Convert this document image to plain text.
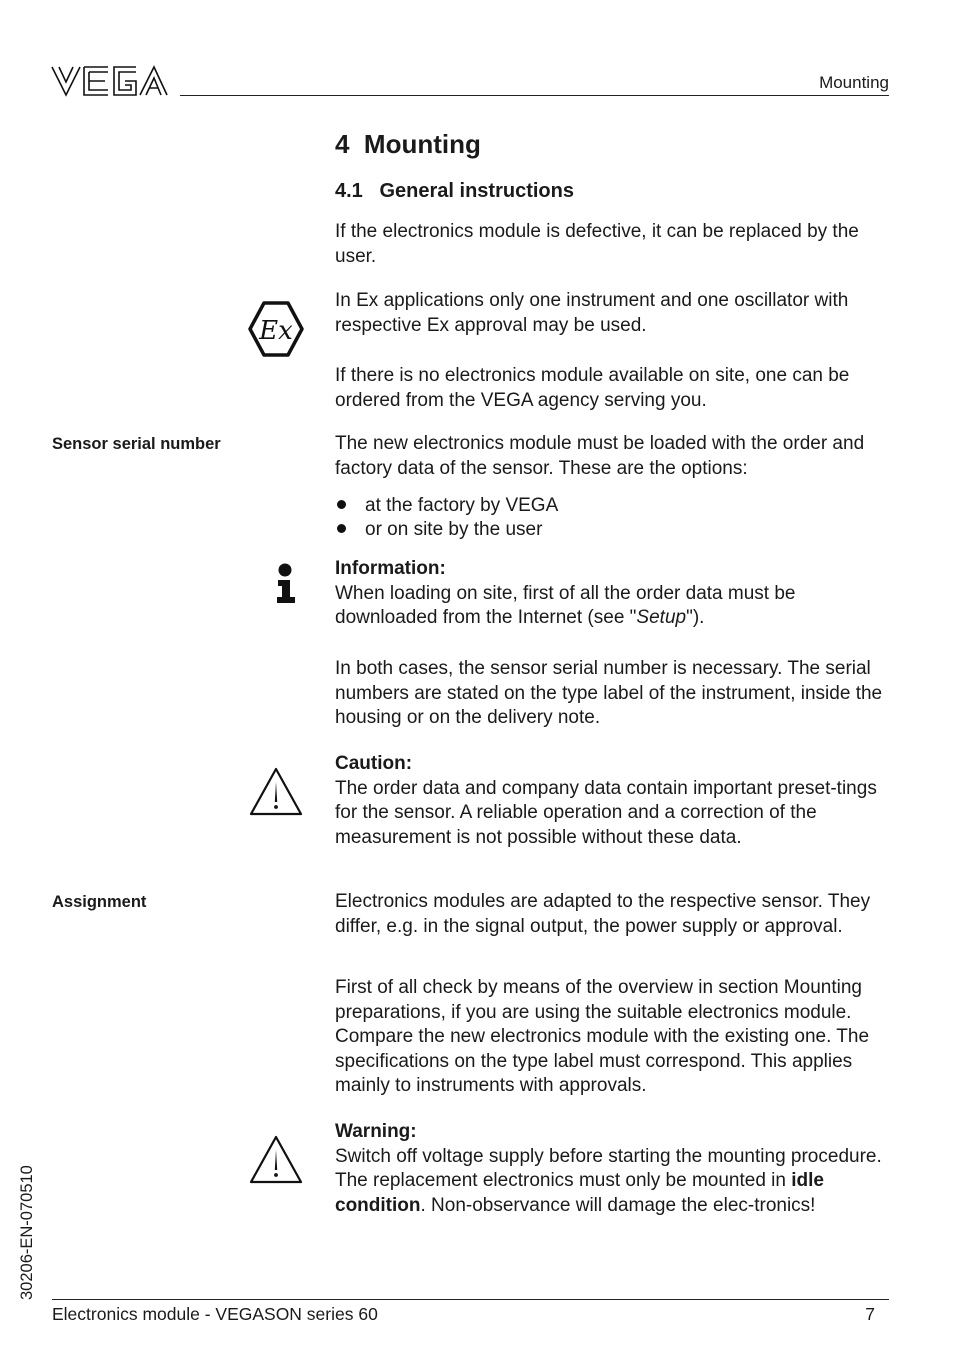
Mounting
4 Mounting
4.1 General instructions

If the electronics module is defective, it can be replaced by the user.

Ex

In Ex applications only one instrument and one oscillator with respective Ex approval may be used.

If there is no electronics module available on site, one can be ordered from the VEGA agency serving you.

Sensor serial number	The new electronics module must be loaded with the order and factory data of the sensor. These are the options:

at the factory by VEGA
or on site by the user

Information:

When loading on site, first of all the order data must be downloaded from the Internet (see "Setup").

In both cases, the sensor serial number is necessary. The serial numbers are stated on the type label of the instrument, inside the housing or on the delivery note.

Caution:

The order data and company data contain important preset-tings for the sensor. A reliable operation and a correction of the measurement is not possible without these data.

Assignment	Electronics modules are adapted to the respective sensor. They differ, e.g. in the signal output, the power supply or approval.

First of all check by means of the overview in section Mounting preparations, if you are using the suitable electronics module. Compare the new electronics module with the existing one. The specifications on the type label must correspond. This applies mainly to instruments with approvals.

Warning:

Switch off voltage supply before starting the mounting procedure. The replacement electronics must only be mounted in idle condition. Non-observance will damage the elec-tronics!

30206-EN-070510
Electronics module - VEGASON series 60	7
